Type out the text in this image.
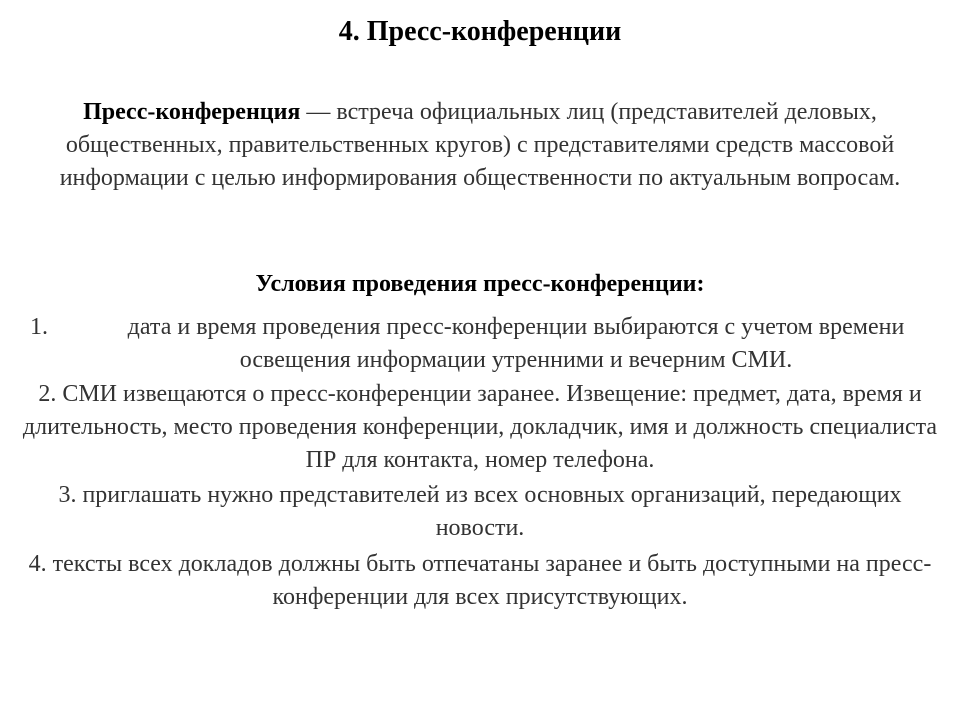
4. Пресс-конференции
Пресс-конференция — встреча официальных лиц (представителей деловых, общественных, правительственных кругов) с представителями средств массовой информации с целью информирования общественности по актуальным вопросам.
Условия проведения пресс-конференции:
1.	дата и время проведения пресс-конференции выбираются с учетом времени освещения информации утренними и вечерним СМИ.
2. СМИ извещаются о пресс-конференции заранее. Извещение: предмет, дата, время и длительность, место проведения конференции, докладчик, имя и должность специалиста ПР для контакта, номер телефона.
3. приглашать нужно представителей из всех основных организаций, передающих новости.
4. тексты всех докладов должны быть отпечатаны заранее и быть доступными на пресс-конференции для всех присутствующих.
